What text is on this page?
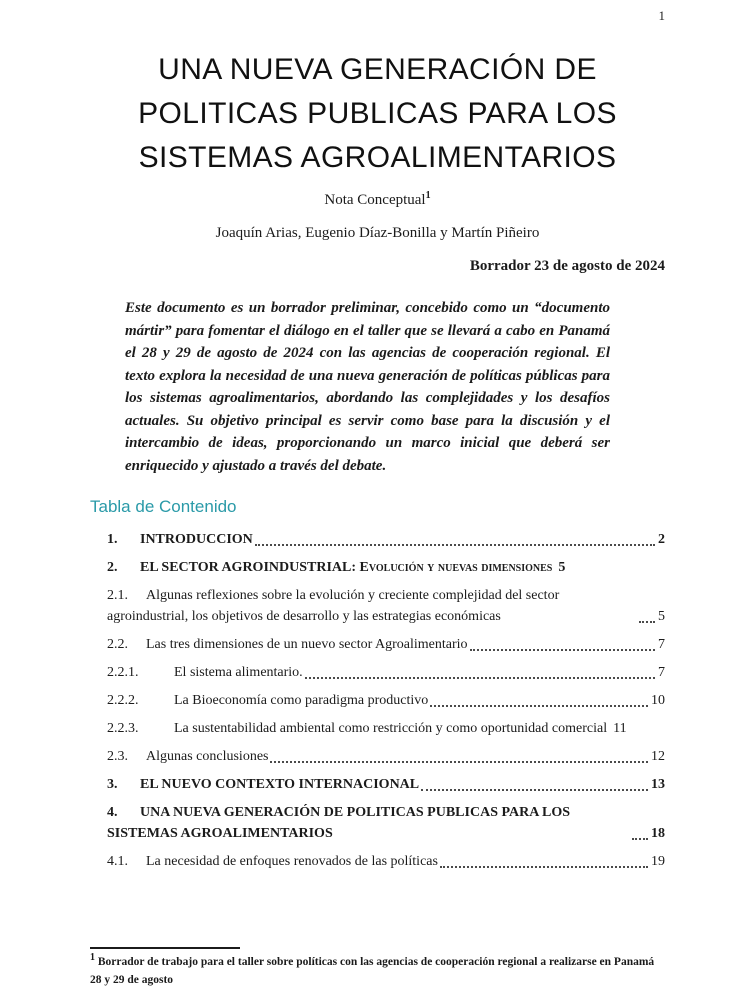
1
UNA NUEVA GENERACIÓN DE
POLITICAS PUBLICAS PARA LOS
SISTEMAS AGROALIMENTARIOS
Nota Conceptual$^1$
Joaquín Arias, Eugenio Díaz-Bonilla y Martín Piñeiro
Borrador 23 de agosto de 2024

Este documento es un borrador preliminar, concebido como un “documento mártir” para fomentar el diálogo en el taller que se llevará a cabo en Panamá el 28 y 29 de agosto de 2024 con las agencias de cooperación regional. El texto explora la necesidad de una nueva generación de políticas públicas para los sistemas agroalimentarios, abordando las complejidades y los desafíos actuales. Su objetivo principal es servir como base para la discusión y el intercambio de ideas, proporcionando un marco inicial que deberá ser enriquecido y ajustado a través del debate.

Tabla de Contenido
1. INTRODUCCION	2
2. EL SECTOR AGROINDUSTRIAL: Evolución y nuevas dimensiones 5
2.1. Algunas reflexiones sobre la evolución y creciente complejidad del sector agroindustrial, los objetivos de desarrollo y las estrategias económicas	5
2.2. Las tres dimensiones de un nuevo sector Agroalimentario	7
2.2.1.	El sistema alimentario.	7
2.2.2.	La Bioeconomía como paradigma productivo	10
2.2.3.	La sustentabilidad ambiental como restricción y como oportunidad comercial 11
2.3. Algunas conclusiones	12
3. EL NUEVO CONTEXTO INTERNACIONAL	13
4. UNA NUEVA GENERACIÓN DE POLITICAS PUBLICAS PARA LOS SISTEMAS AGROALIMENTARIOS	18
4.1. La necesidad de enfoques renovados de las políticas	19
$^1$ Borrador de trabajo para el taller sobre políticas con las agencias de cooperación regional a realizarse en Panamá 28 y 29 de agosto
